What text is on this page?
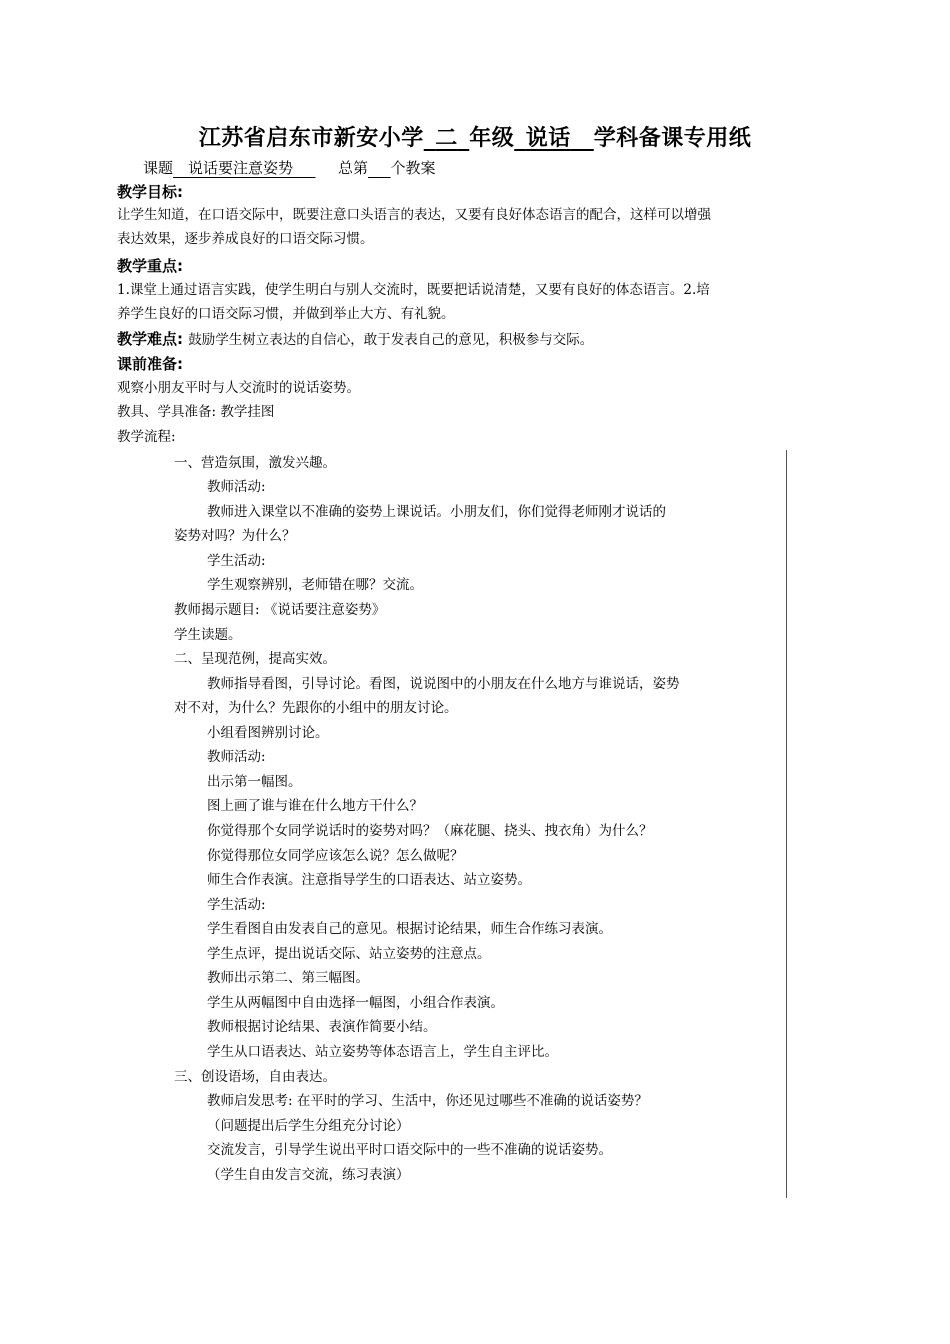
江苏省启东市新安小学  二  年级  说话   学科备课专用纸
课题   说话要注意姿势     	总第   个教案
教学目标:
让学生知道，在口语交际中，既要注意口头语言的表达，又要有良好体态语言的配合，这样可以增强
表达效果，逐步养成良好的口语交际习惯。
教学重点:
1.课堂上通过语言实践，使学生明白与别人交流时，既要把话说清楚，又要有良好的体态语言。2.培
养学生良好的口语交际习惯，并做到举止大方、有礼貌。
教学难点: 鼓励学生树立表达的自信心，敢于发表自己的意见，积极参与交际。
课前准备:
观察小朋友平时与人交流时的说话姿势。
教具、学具准备: 教学挂图
教学流程:
一、营造氛围，激发兴趣。
教师活动:
教师进入课堂以不准确的姿势上课说话。小朋友们，你们觉得老师刚才说话的
姿势对吗？为什么？
学生活动:
学生观察辨别，老师错在哪？交流。
教师揭示题目: 《说话要注意姿势》
学生读题。
二、呈现范例，提高实效。
教师指导看图，引导讨论。看图，说说图中的小朋友在什么地方与谁说话，姿势
对不对，为什么？先跟你的小组中的朋友讨论。
小组看图辨别讨论。
教师活动:
出示第一幅图。
图上画了谁与谁在什么地方干什么？
你觉得那个女同学说话时的姿势对吗？（麻花腿、挠头、拽衣角）为什么？
你觉得那位女同学应该怎么说？怎么做呢？
师生合作表演。注意指导学生的口语表达、站立姿势。
学生活动:
学生看图自由发表自己的意见。根据讨论结果，师生合作练习表演。
学生点评，提出说话交际、站立姿势的注意点。
教师出示第二、第三幅图。
学生从两幅图中自由选择一幅图，小组合作表演。
教师根据讨论结果、表演作简要小结。
学生从口语表达、站立姿势等体态语言上，学生自主评比。
三、创设语场，自由表达。
教师启发思考: 在平时的学习、生活中，你还见过哪些不准确的说话姿势？
（问题提出后学生分组充分讨论）
交流发言，引导学生说出平时口语交际中的一些不准确的说话姿势。
（学生自由发言交流，练习表演）
